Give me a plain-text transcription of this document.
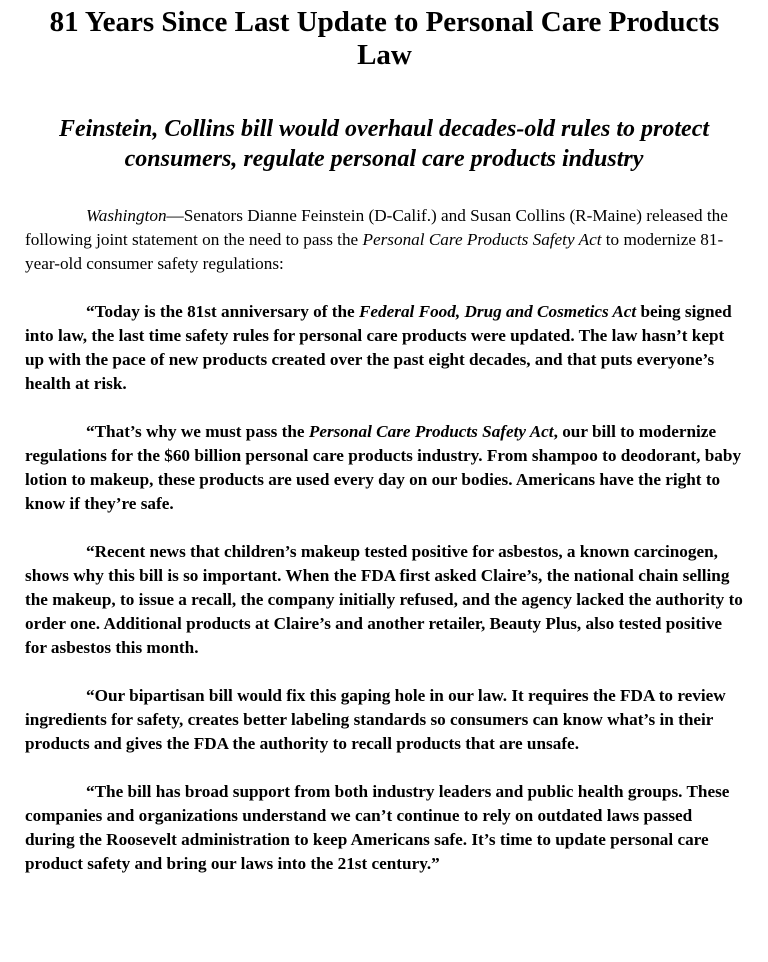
81 Years Since Last Update to Personal Care Products Law
Feinstein, Collins bill would overhaul decades-old rules to protect consumers, regulate personal care products industry

Washington—Senators Dianne Feinstein (D-Calif.) and Susan Collins (R-Maine) released the following joint statement on the need to pass the Personal Care Products Safety Act to modernize 81-year-old consumer safety regulations:

“Today is the 81st anniversary of the Federal Food, Drug and Cosmetics Act being signed into law, the last time safety rules for personal care products were updated. The law hasn’t kept up with the pace of new products created over the past eight decades, and that puts everyone’s health at risk.

“That’s why we must pass the Personal Care Products Safety Act, our bill to modernize regulations for the $60 billion personal care products industry. From shampoo to deodorant, baby lotion to makeup, these products are used every day on our bodies. Americans have the right to know if they’re safe.

“Recent news that children’s makeup tested positive for asbestos, a known carcinogen, shows why this bill is so important. When the FDA first asked Claire’s, the national chain selling the makeup, to issue a recall, the company initially refused, and the agency lacked the authority to order one. Additional products at Claire’s and another retailer, Beauty Plus, also tested positive for asbestos this month.

“Our bipartisan bill would fix this gaping hole in our law. It requires the FDA to review ingredients for safety, creates better labeling standards so consumers can know what’s in their products and gives the FDA the authority to recall products that are unsafe.

“The bill has broad support from both industry leaders and public health groups. These companies and organizations understand we can’t continue to rely on outdated laws passed during the Roosevelt administration to keep Americans safe. It’s time to update personal care product safety and bring our laws into the 21st century.”
